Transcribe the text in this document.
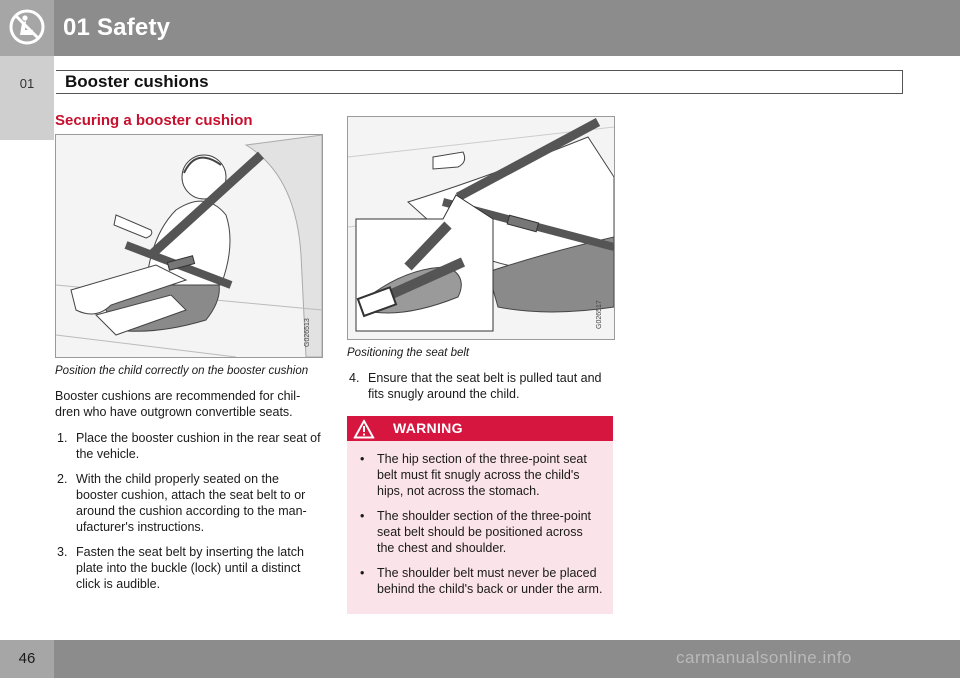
01 Safety
01	Booster cushions
Securing a booster cushion
G026513

Position the child correctly on the booster cushion

Booster cushions are recommended for chil-dren who have outgrown convertible seats.

1. Place the booster cushion in the rear seat of the vehicle.
2. With the child properly seated on the booster cushion, attach the seat belt to or around the cushion according to the man-ufacturer's instructions.
3. Fasten the seat belt by inserting the latch plate into the buckle (lock) until a distinct click is audible.
G026517

Positioning the seat belt

4. Ensure that the seat belt is pulled taut and fits snugly around the child.
WARNING
• The hip section of the three-point seat belt must fit snugly across the child's hips, not across the stomach.
• The shoulder section of the three-point seat belt should be positioned across the chest and shoulder.
• The shoulder belt must never be placed behind the child's back or under the arm.
46	carmanualsonline.info
